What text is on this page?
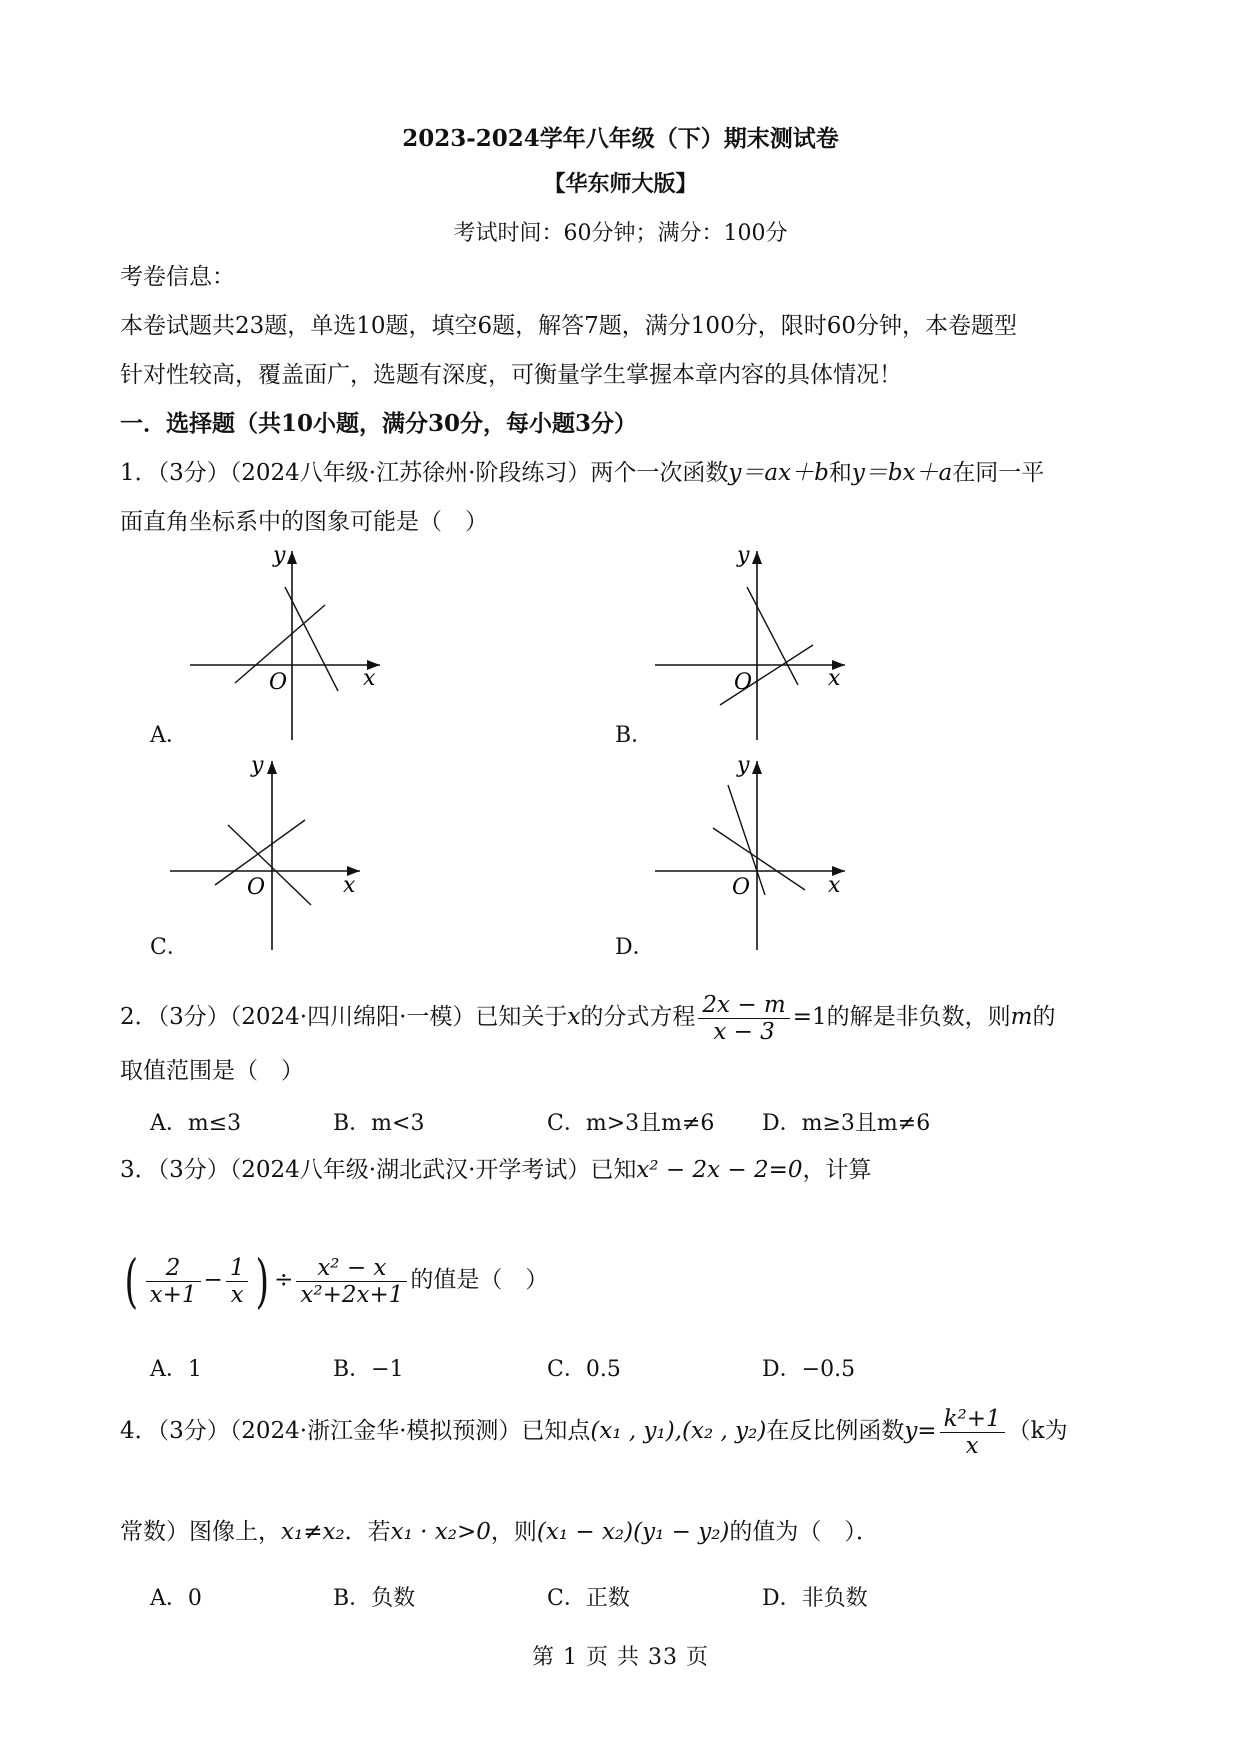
2023-2024学年八年级（下）期末测试卷
【华东师大版】
考试时间：60分钟；满分：100分
考卷信息：
本卷试题共23题，单选10题，填空6题，解答7题，满分100分，限时60分钟，本卷题型
针对性较高，覆盖面广，选题有深度，可衡量学生掌握本章内容的具体情况！
一．选择题（共10小题，满分30分，每小题3分）
1．（3分）（2024八年级·江苏徐州·阶段练习）两个一次函数y＝ax＋b和y＝bx＋a在同一平
面直角坐标系中的图象可能是（　）
y
x
O
A．
y
x
O
B．
y
x
O
C．
y
x
O
D．
2．（3分）（2024·四川绵阳·一模）已知关于x的分式方程 $\frac{2x - m}{x - 3} =1$的解是非负数，则m的
取值范围是（　）
A．m≤3	B．m<3	C．m>3且m≠6 D．m≥3且m≠6
3．（3分）（2024八年级·湖北武汉·开学考试）已知x² − 2x − 2=0，计算
( $\frac{2}{x+1} - \frac{1}{x}$ ) ÷ $\frac{\text{x² − x}}{\text{x²+2x+1}}$ 的值是（　）
A．1	B．−1	C．0.5	D．−0.5
4．（3分）（2024·浙江金华·模拟预测）已知点(x₁ , y₁),(x₂ , y₂)在反比例函数$y= \frac{\text{k²+1}}{x} (k$为
常数）图像上，x₁≠x₂．若x₁ · x₂>0，则(x₁ − x₂)(y₁ − y₂)的值为（　）．
A．0	B．负数	C．正数	D．非负数
第 1 页 共 33 页
